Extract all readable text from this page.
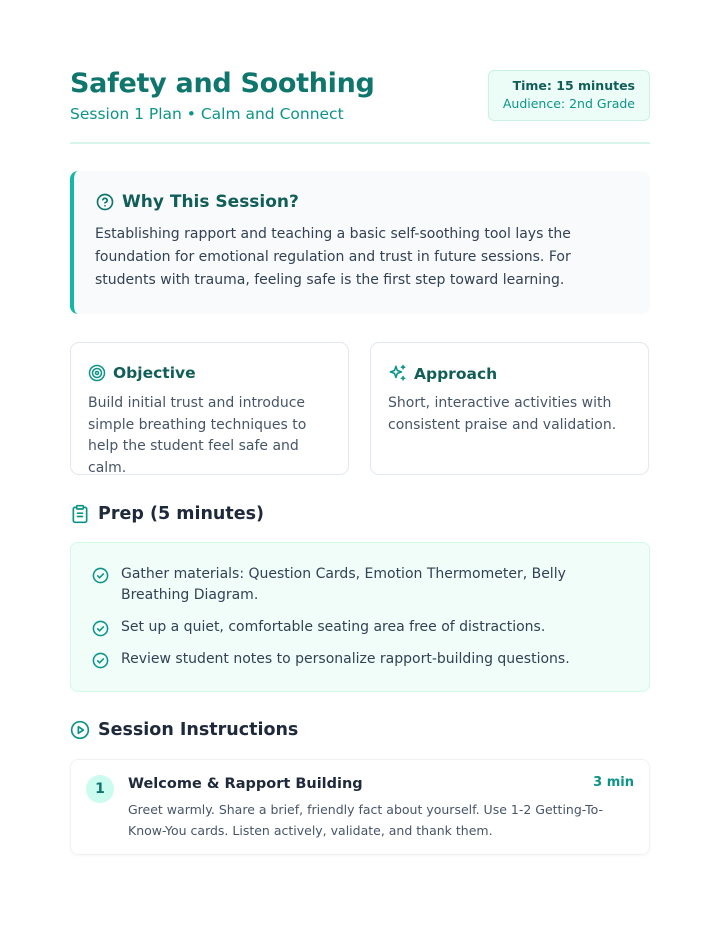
Safety and Soothing
Session 1 Plan • Calm and Connect
Time: 15 minutes
Audience: 2nd Grade
Why This Session?

Establishing rapport and teaching a basic self-soothing tool lays the foundation for emotional regulation and trust in future sessions. For students with trauma, feeling safe is the first step toward learning.

Objective

Build initial trust and introduce simple breathing techniques to help the student feel safe and calm.

Approach

Short, interactive activities with consistent praise and validation.

Prep (5 minutes)
Gather materials: Question Cards, Emotion Thermometer, Belly Breathing Diagram.
Set up a quiet, comfortable seating area free of distractions.
Review student notes to personalize rapport-building questions.
Session Instructions
1	Welcome & Rapport Building	3 min

Greet warmly. Share a brief, friendly fact about yourself. Use 1-2 Getting-To-Know-You cards. Listen actively, validate, and thank them.
